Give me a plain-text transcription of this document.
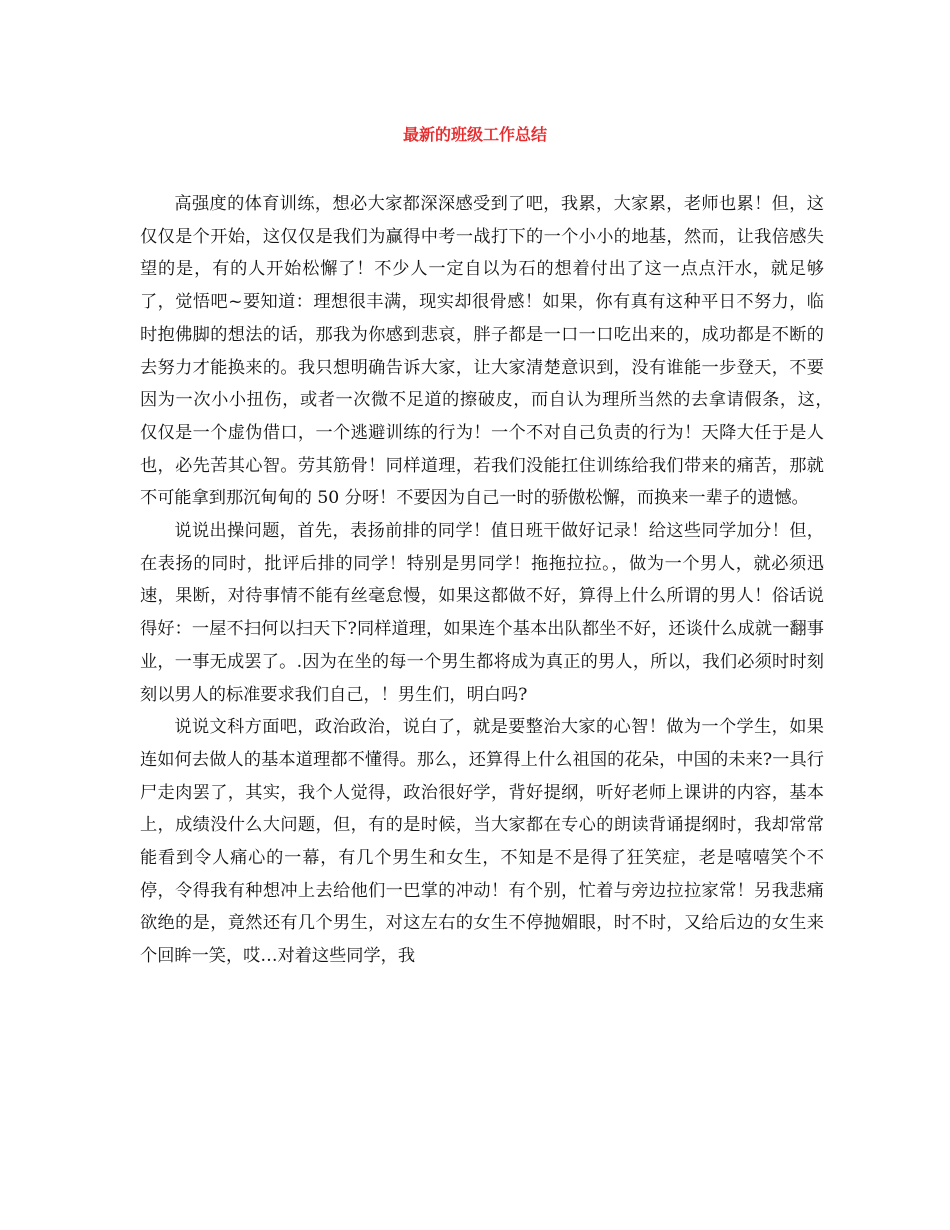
最新的班级工作总结

高强度的体育训练，想必大家都深深感受到了吧，我累，大家累，老师也累！但，这仅仅是个开始，这仅仅是我们为赢得中考一战打下的一个小小的地基，然而，让我倍感失望的是，有的人开始松懈了！不少人一定自以为石的想着付出了这一点点汗水，就足够了，觉悟吧~要知道：理想很丰满，现实却很骨感！如果，你有真有这种平日不努力，临时抱佛脚的想法的话，那我为你感到悲哀，胖子都是一口一口吃出来的，成功都是不断的去努力才能换来的。我只想明确告诉大家，让大家清楚意识到，没有谁能一步登天，不要因为一次小小扭伤，或者一次微不足道的擦破皮，而自认为理所当然的去拿请假条，这，　仅仅是一个虚伪借口，一个逃避训练的行为！一个不对自己负责的行为！天降大任于是人也，必先苦其心智。劳其筋骨！同样道理，若我们没能扛住训练给我们带来的痛苦，那就不可能拿到那沉甸甸的 50 分呀！不要因为自己一时的骄傲松懈，而换来一辈子的遗憾。

说说出操问题，首先，表扬前排的同学！值日班干做好记录！给这些同学加分！但，在表扬的同时，批评后排的同学！特别是男同学！拖拖拉拉。，做为一个男人，就必须迅速，果断，对待事情不能有丝毫怠慢，如果这都做不好，算得上什么所谓的男人！俗话说得好：一屋不扫何以扫天下?同样道理，如果连个基本出队都坐不好，还谈什么成就一翻事业，一事无成罢了。.因为在坐的每一个男生都将成为真正的男人，所以，我们必须时时刻刻以男人的标准要求我们自己，！男生们，明白吗?

说说文科方面吧，政治政治，说白了，就是要整治大家的心智！做为一个学生，如果连如何去做人的基本道理都不懂得。那么，还算得上什么祖国的花朵，中国的未来?一具行尸走肉罢了，其实，我个人觉得，政治很好学，背好提纲，听好老师上课讲的内容，基本上，成绩没什么大问题，但，有的是时候，当大家都在专心的朗读背诵提纲时，我却常常能看到令人痛心的一幕，有几个男生和女生，不知是不是得了狂笑症，老是嘻嘻笑个不停，令得我有种想冲上去给他们一巴掌的冲动！有个别，忙着与旁边拉拉家常！另我悲痛欲绝的是，竟然还有几个男生，对这左右的女生不停抛媚眼，时不时，又给后边的女生来个回眸一笑，哎…对着这些同学，我
